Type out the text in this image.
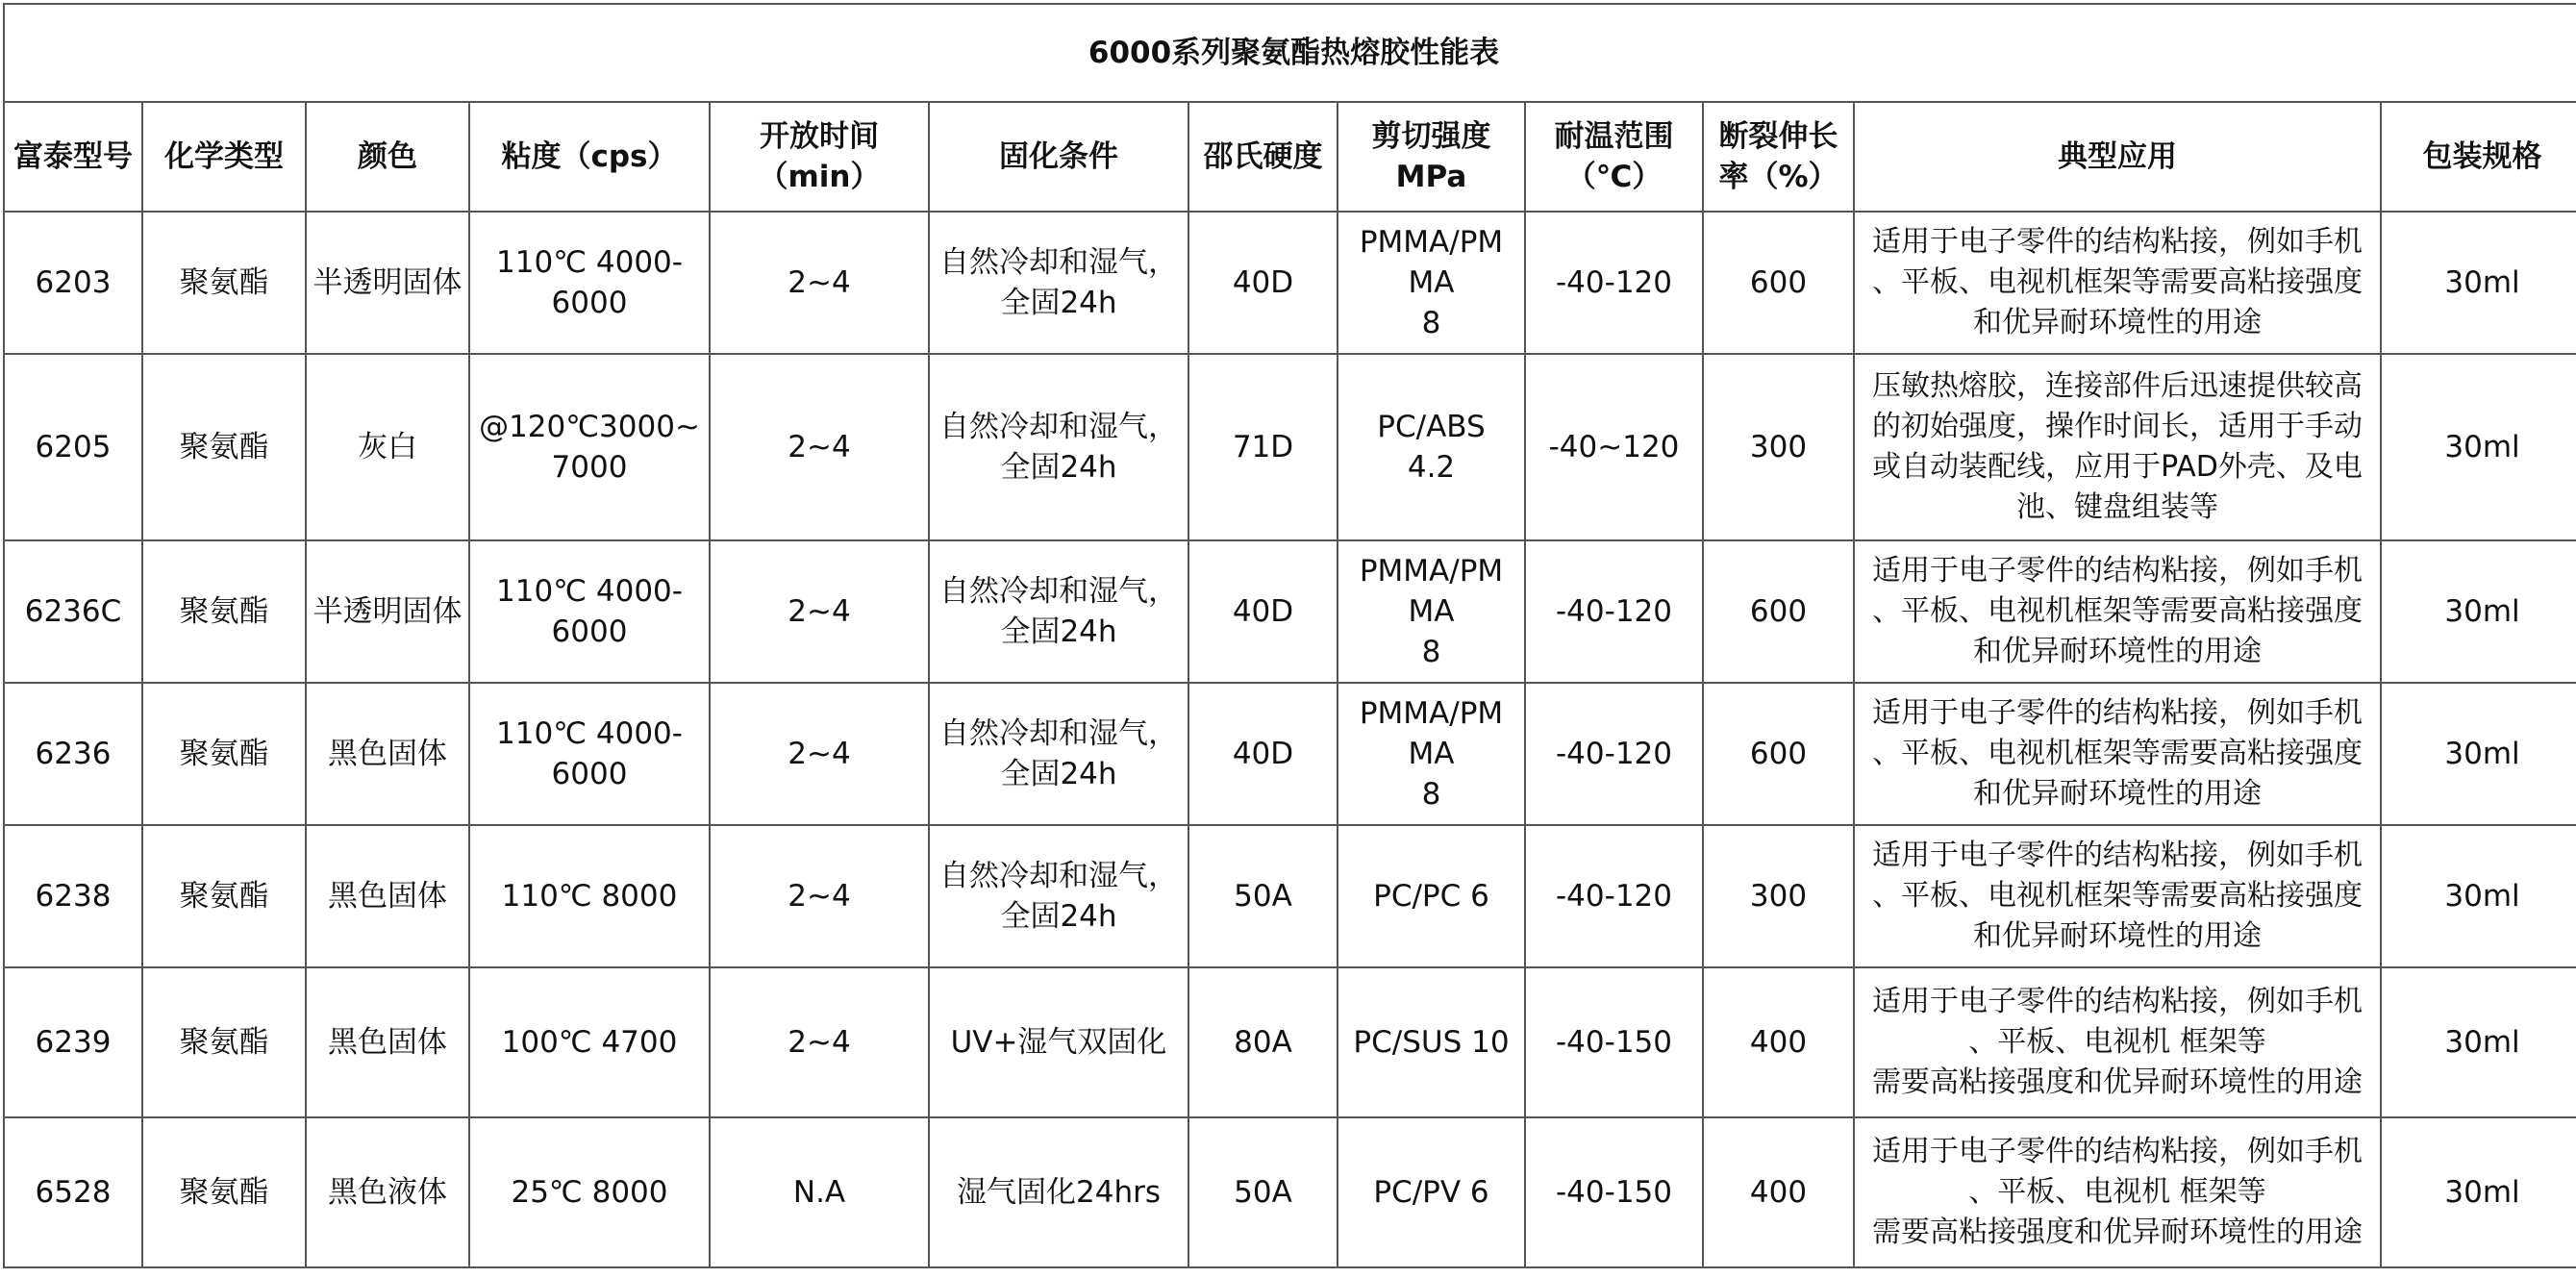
6000系列聚氨酯热熔胶性能表											
富泰型号	化学类型	颜色	粘度（cps）	开放时间
（min）	固化条件	邵氏硬度	剪切强度
MPa	耐温范围
（℃）	断裂伸长
率（%）	典型应用	包装规格
6203	聚氨酯	半透明固体	110℃ 4000-
6000	2~4	自然冷却和湿气，
全固24h	40D	PMMA/PM
MA
8	-40-120	600	适用于电子零件的结构粘接，例如手机
、平板、电视机框架等需要高粘接强度
和优异耐环境性的用途	30ml
6205	聚氨酯	灰白	@120℃3000~
7000	2~4	自然冷却和湿气，
全固24h	71D	PC/ABS
4.2	-40~120	300	压敏热熔胶，连接部件后迅速提供较高
的初始强度，操作时间长，适用于手动
或自动装配线，应用于PAD外壳、及电
池、键盘组装等	30ml
6236C	聚氨酯	半透明固体	110℃ 4000-
6000	2~4	自然冷却和湿气，
全固24h	40D	PMMA/PM
MA
8	-40-120	600	适用于电子零件的结构粘接，例如手机
、平板、电视机框架等需要高粘接强度
和优异耐环境性的用途	30ml
6236	聚氨酯	黑色固体	110℃ 4000-
6000	2~4	自然冷却和湿气，
全固24h	40D	PMMA/PM
MA
8	-40-120	600	适用于电子零件的结构粘接，例如手机
、平板、电视机框架等需要高粘接强度
和优异耐环境性的用途	30ml
6238	聚氨酯	黑色固体	110℃ 8000	2~4	自然冷却和湿气，
全固24h	50A	PC/PC 6	-40-120	300	适用于电子零件的结构粘接，例如手机
、平板、电视机框架等需要高粘接强度
和优异耐环境性的用途	30ml
6239	聚氨酯	黑色固体	100℃ 4700	2~4	UV+湿气双固化	80A	PC/SUS 10	-40-150	400	适用于电子零件的结构粘接，例如手机
、平板、电视机 框架等
需要高粘接强度和优异耐环境性的用途	30ml
6528	聚氨酯	黑色液体	25℃ 8000	N.A	湿气固化24hrs	50A	PC/PV 6	-40-150	400	适用于电子零件的结构粘接，例如手机
、平板、电视机 框架等
需要高粘接强度和优异耐环境性的用途	30ml
